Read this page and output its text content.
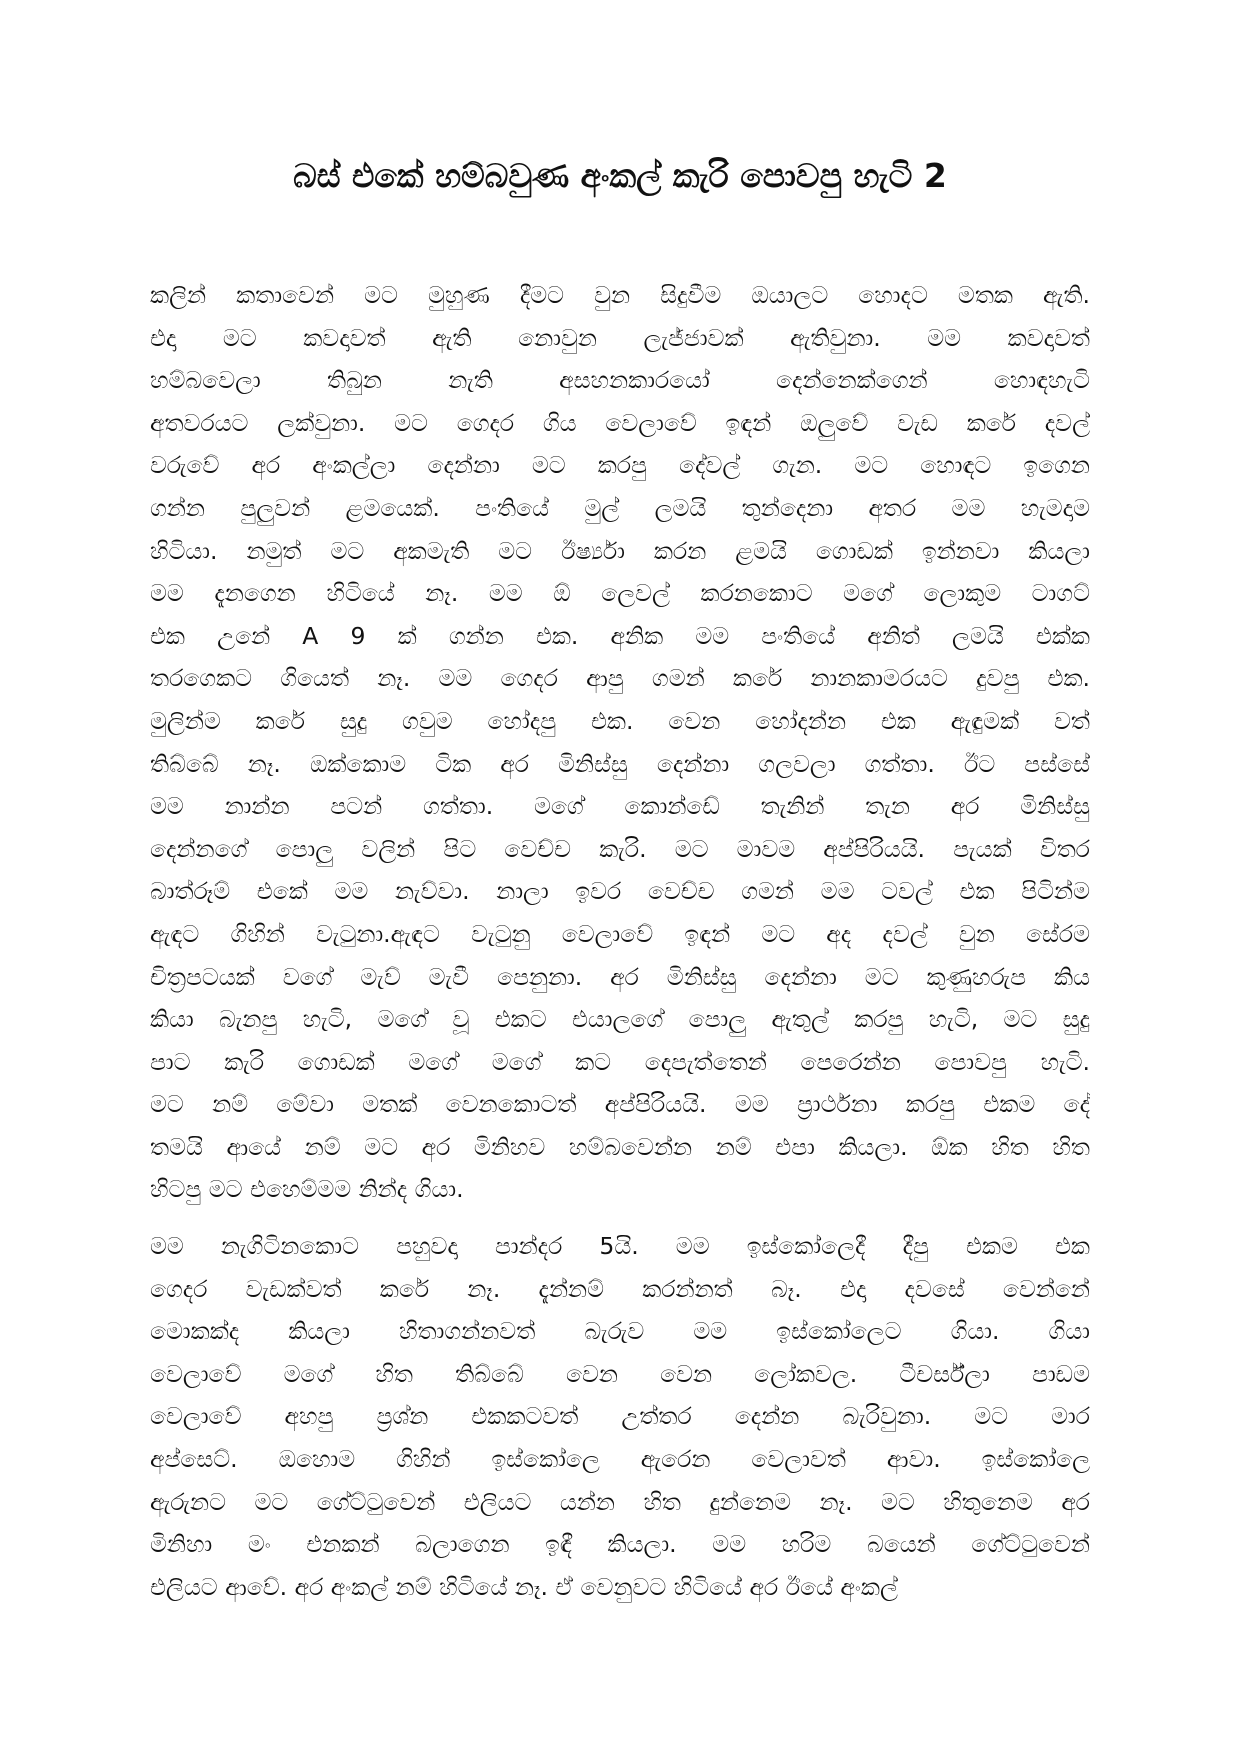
බස් එකේ හම්බවුණ අංකල් කැරි පොවපු හැටි 2
කලින් කතාවෙන් මට මුහුණ දීමට වුන සිදුවීම ඔයාලට හොදට මතක ඇති.
එදා මට කවදාවත් ඇති නොවුන ලැජ්ජාවක් ඇතිවුනා. මම කවදාවත්
හම්බවෙලා තිබුන නැති අසහනකාරයෝ දෙන්නෙක්ගෙන් හොඳහැටි
අතවරයට ලක්වුනා. මට ගෙදර ගිය වෙලාවේ ඉඳන් ඔලුවේ වැඩ කරේ දවල්
වරුවේ අර අංකල්ලා දෙන්නා මට කරපු දේවල් ගැන. මට හොඳට ඉගෙන
ගන්න පුලුවන් ළමයෙක්. පංතියේ මුල් ලමයි තුන්දෙනා අතර මම හැමදාම
හිටියා. නමුත් මට අකමැති මට ඊර්ෂ්‍යා කරන ළමයි ගොඩක් ඉන්නවා කියලා
මම දැනගෙන හිටියේ නෑ. මම ඕ ලෙවල් කරනකොට මගේ ලොකුම ටාගට්
එක උනේ A 9 ක් ගන්න එක. අනික මම පංතියේ අනිත් ලමයි එක්ක
තරගෙකට ගියෙත් නෑ. මම ගෙදර ආපු ගමන් කරේ නානකාමරයට දුවපු එක.
මුලින්ම කරේ සුදු ගවුම හෝදපු එක. වෙන හෝදන්න එක ඇඳුමක් වත්
තිබ්බේ නෑ. ඔක්කොම ටික අර මිනිස්සු දෙන්නා ගලවලා ගත්තා. ඊට පස්සේ
මම නාන්න පටන් ගත්තා. මගේ කොන්ඩේ තැනින් තැන අර මිනිස්සු
දෙන්නගේ පොලු වලින් පිට වෙච්ච කැරි. මට මාවම අප්පිරියයි. පැයක් විතර
බාත්රූම් එකේ මම නැව්වා. නාලා ඉවර වෙච්ච ගමන් මම ටවල් එක පිටින්ම
ඇඳට ගිහින් වැටුනා.ඇඳට වැටුනු වෙලාවේ ඉඳන් මට අද දවල් වුන සේරම
චිත්‍රපටයක් වගේ මැව් මැවී පෙනුනා. අර මිනිස්සු දෙන්නා මට කුණුහරුප කිය
කියා බැනපු හැටි, මගේ වූ එකට එයාලගේ පොලු ඇතුල් කරපු හැටි, මට සුදු
පාට කැරි ගොඩක් මගේ මගේ කට දෙපැත්තෙන් පෙරෙන්න පොවපු හැටි.
මට නම් මේවා මතක් වෙනකොටත් අප්පිරියයි. මම ප්‍රාර්ථනා කරපු එකම දේ
තමයි ආයේ නම් මට අර මිනිහව හම්බවෙන්න නම් එපා කියලා. ඕක හිත හිත
හිටපු මට එහෙම්මම නින්ද ගියා.
මම නැගිටිනකොට පහුවදා පාන්දර 5යි. මම ඉස්කෝලෙදී දීපු එකම එක
ගෙදර වැඩක්වත් කරේ නෑ. දැන්නම් කරන්නත් බෑ. එදා දවසේ වෙන්නේ
මොකක්ද කියලා හිතාගන්නවත් බැරුව මම ඉස්කෝලෙට ගියා. ගියා
වෙලාවේ මගේ හිත තිබ්බේ වෙන වෙන ලෝකවල. ටීචර්ස්ලා පාඩම
වෙලාවේ අහපු ප්‍රශ්න එකකටවත් උත්තර දෙන්න බැරිවුනා. මට මාර
අප්සෙට්. ඔහොම ගිහින් ඉස්කෝලෙ ඇරෙන වෙලාවත් ආවා. ඉස්කෝලෙ
ඇරුනට මට ගේට්ටුවෙන් එලියට යන්න හිත දුන්නෙම නෑ. මට හිතුනෙම අර
මිනිහා මං එනකන් බලාගෙන ඉඳී කියලා. මම හරිම බයෙන් ගේට්ටුවෙන්
එලියට ආවේ. අර අංකල් නම් හිටියේ නෑ. ඒ වෙනුවට හිටියේ අර ඊයේ අංකල්
